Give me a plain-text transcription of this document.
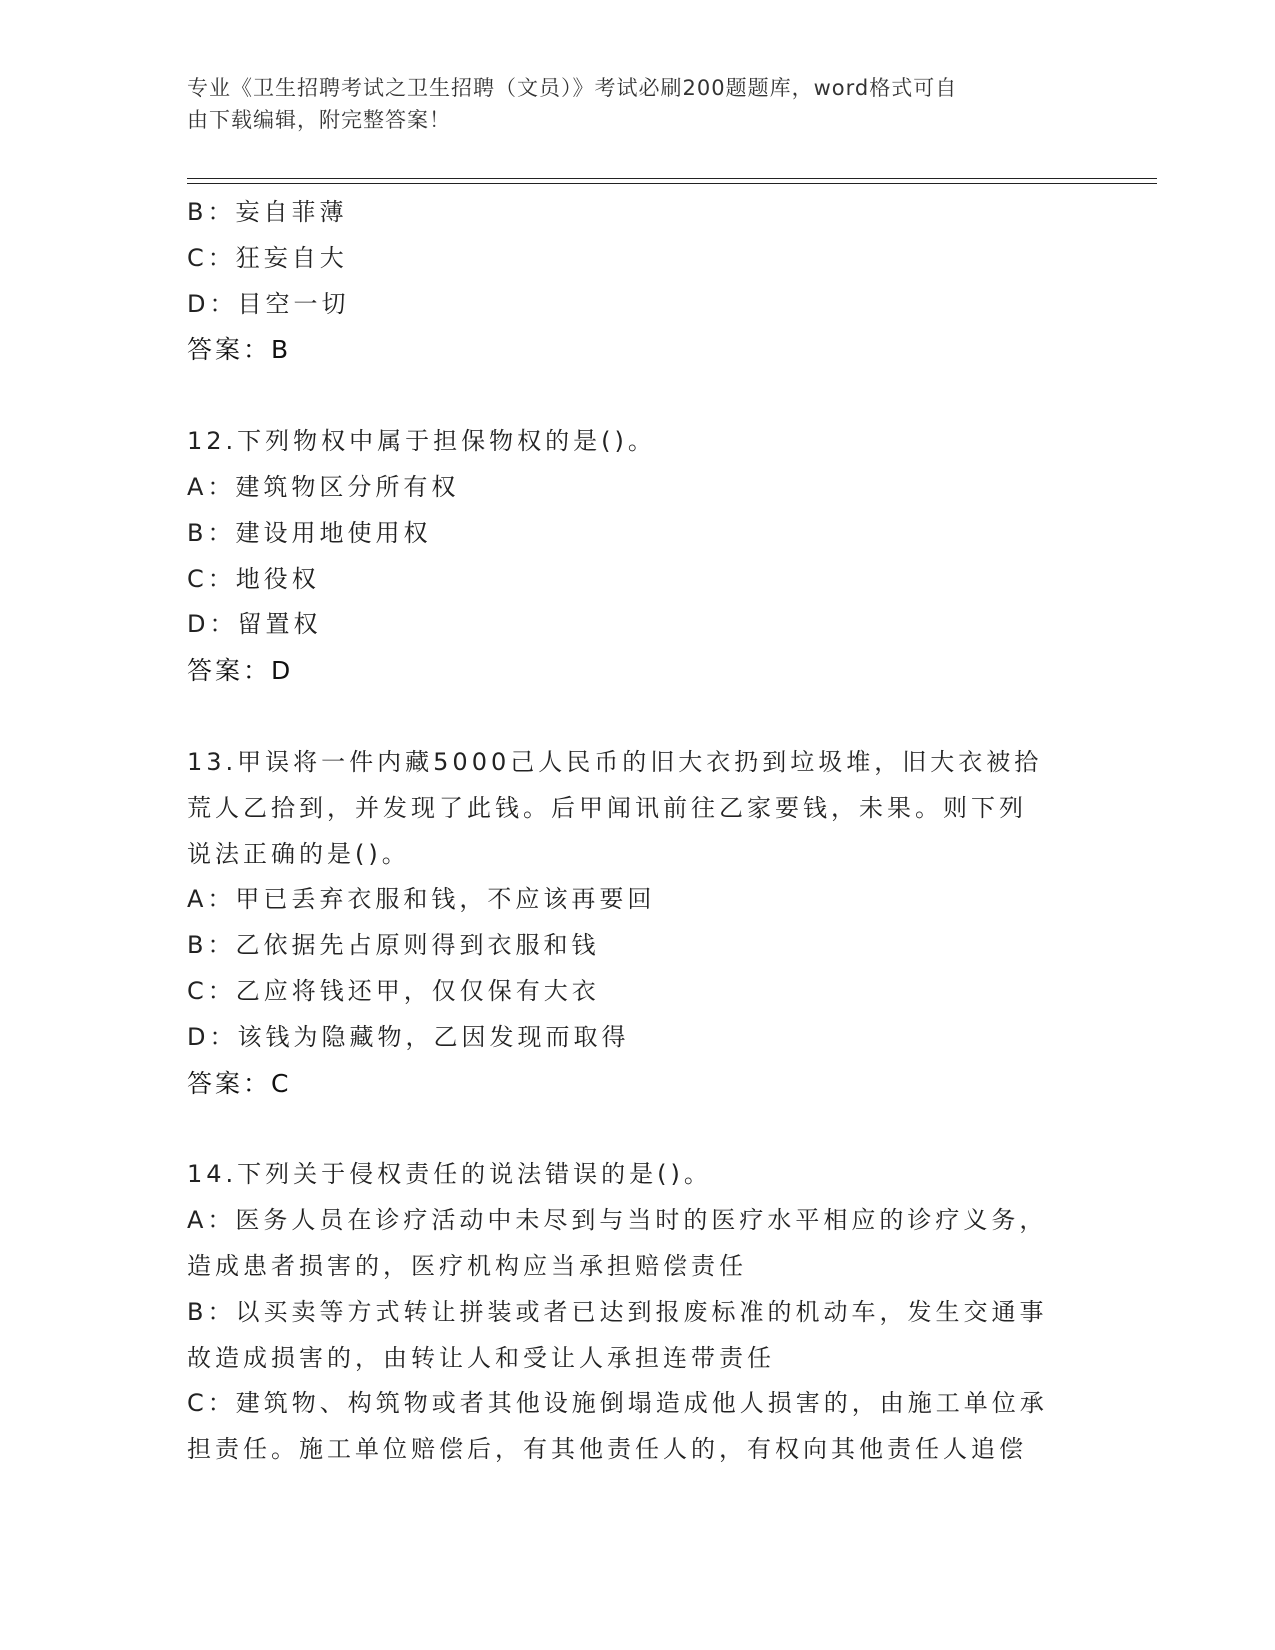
专业《卫生招聘考试之卫生招聘（文员）》考试必刷200题题库，word格式可自
由下载编辑，附完整答案！
B：妄自菲薄
C：狂妄自大
D：目空一切
答案：B
12.下列物权中属于担保物权的是()。
A：建筑物区分所有权
B：建设用地使用权
C：地役权
D：留置权
答案：D
13.甲误将一件内藏5000己人民币的旧大衣扔到垃圾堆，旧大衣被拾
荒人乙拾到，并发现了此钱。后甲闻讯前往乙家要钱，未果。则下列
说法正确的是()。
A：甲已丢弃衣服和钱，不应该再要回
B：乙依据先占原则得到衣服和钱
C：乙应将钱还甲，仅仅保有大衣
D：该钱为隐藏物，乙因发现而取得
答案：C
14.下列关于侵权责任的说法错误的是()。
A：医务人员在诊疗活动中未尽到与当时的医疗水平相应的诊疗义务，
造成患者损害的，医疗机构应当承担赔偿责任
B：以买卖等方式转让拼装或者已达到报废标准的机动车，发生交通事
故造成损害的，由转让人和受让人承担连带责任
C：建筑物、构筑物或者其他设施倒塌造成他人损害的，由施工单位承
担责任。施工单位赔偿后，有其他责任人的，有权向其他责任人追偿
